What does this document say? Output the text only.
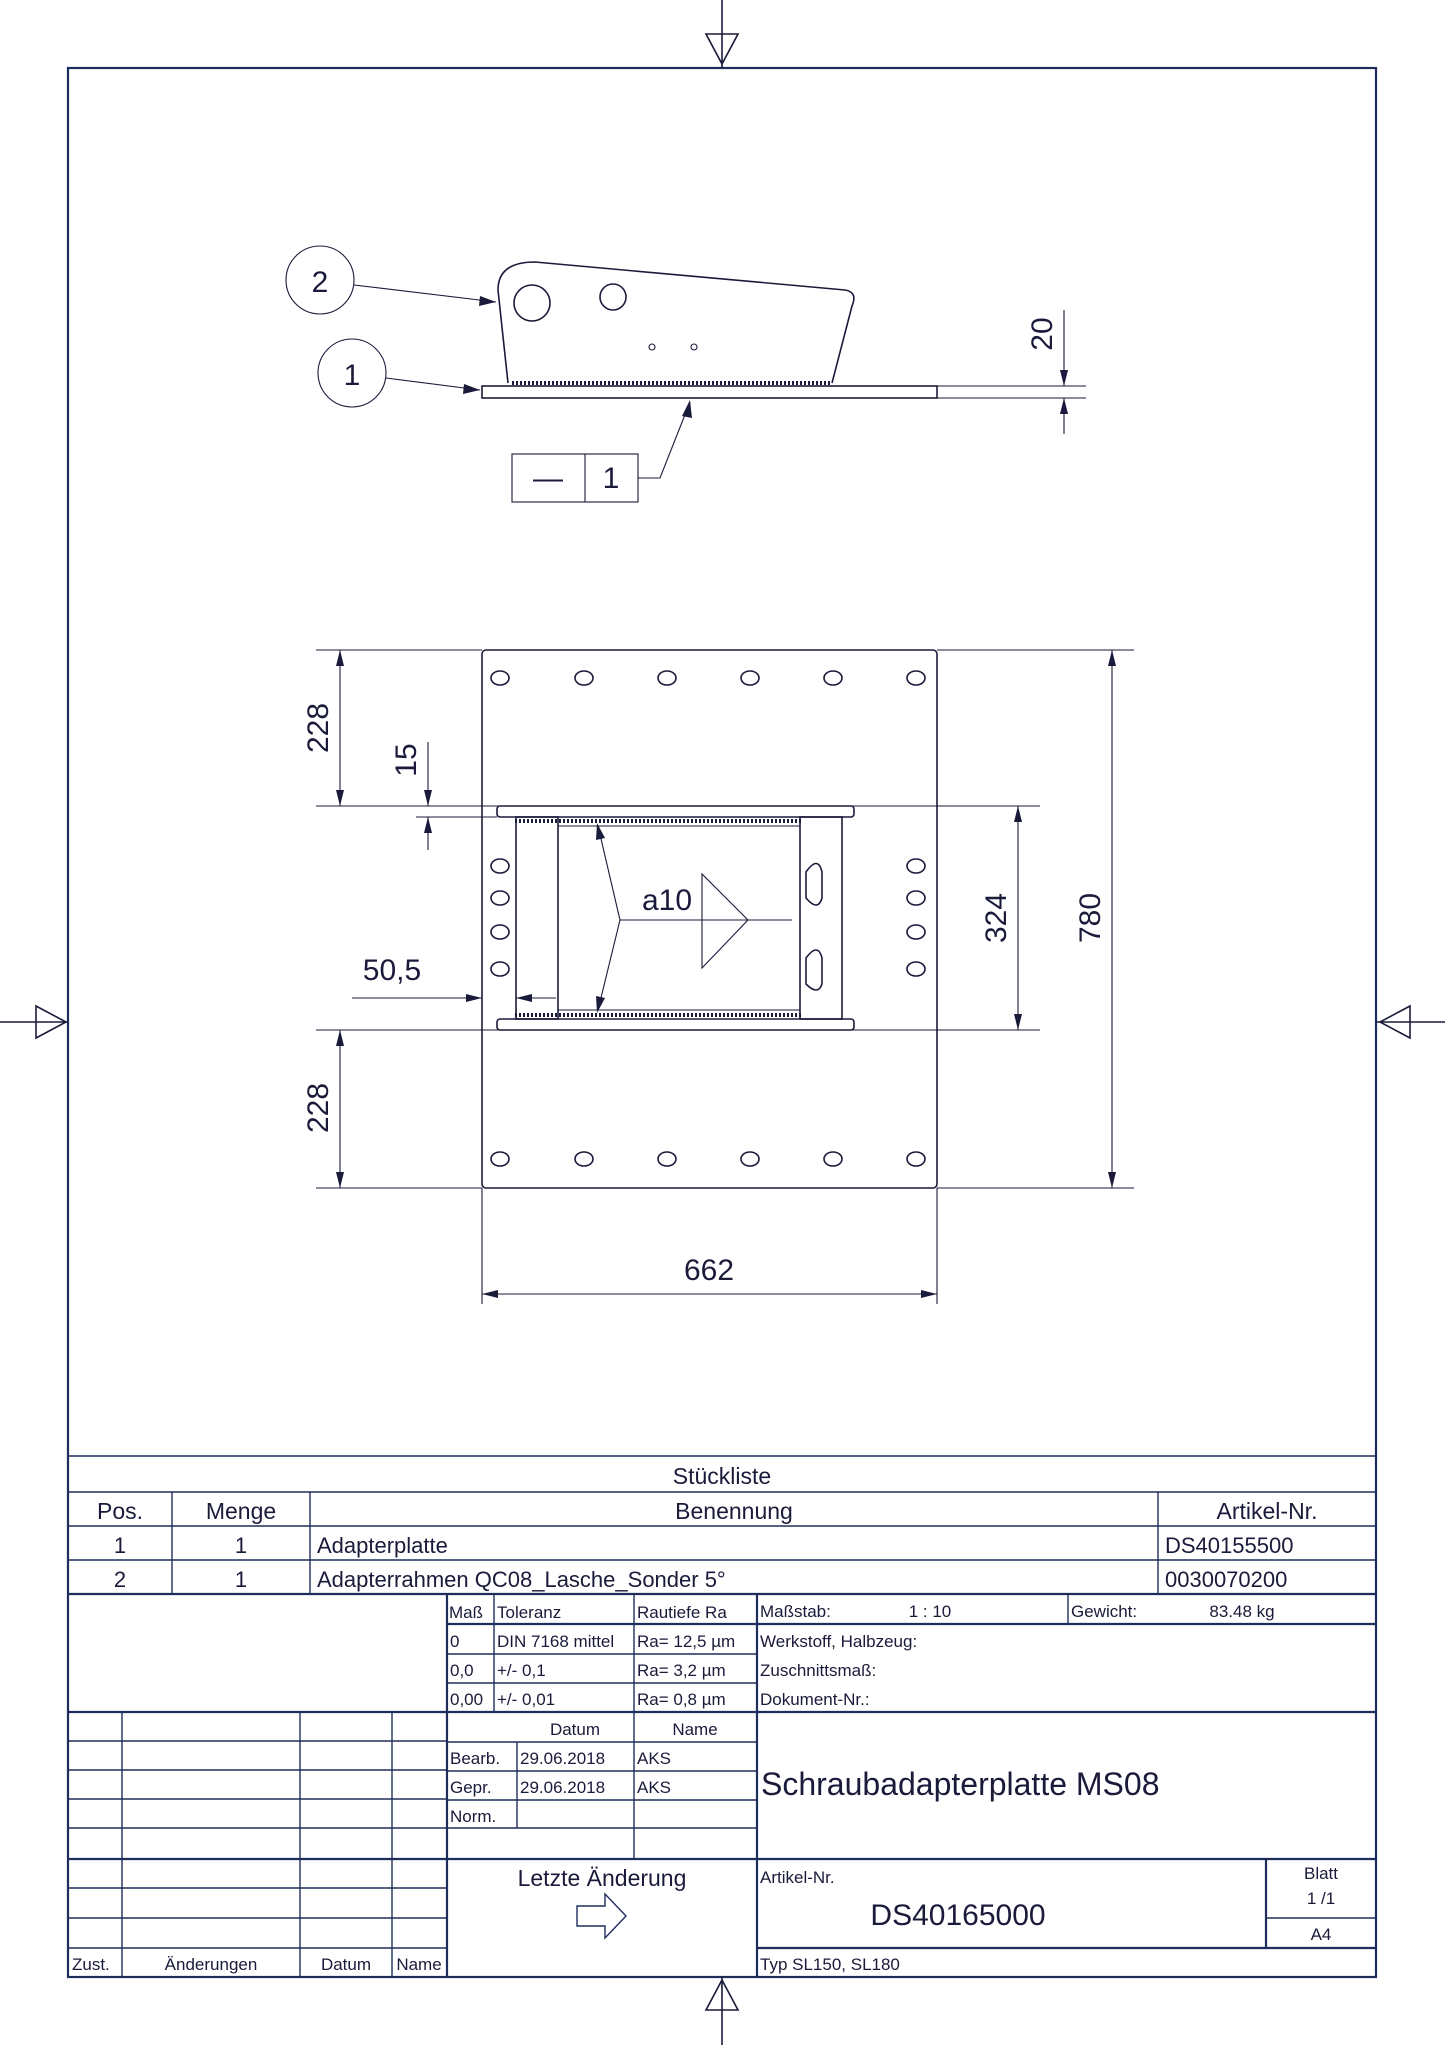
2
1
— 1
20
a10
228
15
228
324 780
50,5
662
Stückliste
Pos.	Menge	Benennung	Artikel-Nr.
1	1	Adapterplatte	DS40155500
2	1	Adapterrahmen QC08_Lasche_Sonder 5°	0030070200
Maß Toleranz	Rautiefe Ra
0 DIN 7168 mittel Ra= 12,5 µm
0,0 +/- 0,1	Ra= 3,2 µm
0,00 +/- 0,01	Ra= 0,8 µm
Maßstab:	1 : 10	Gewicht:	83.48 kg
Werkstoff, Halbzeug:
Zuschnittsmaß:
Dokument-Nr.:
Zust.	Änderungen	Datum Name
Datum	Name
Bearb. 29.06.2018 AKS
Gepr. 29.06.2018 AKS
Norm.
Schraubadapterplatte MS08
Letzte Änderung	Artikel-Nr.
DS40165000
Blatt
1 /1
A4
Typ SL150, SL180
